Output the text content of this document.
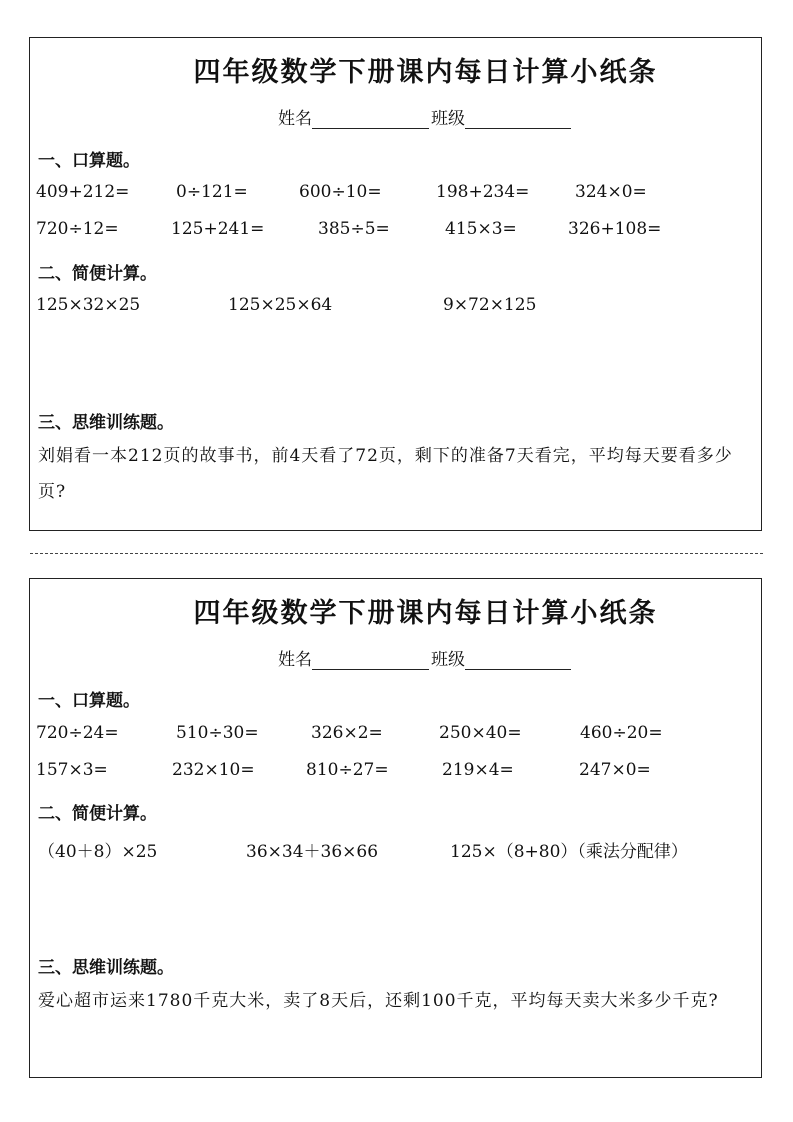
四年级数学下册课内每日计算小纸条
姓名	班级
一、口算题。
409+212=	0÷121=	600÷10=	198+234=	324×0=
720÷12=	125+241=	385÷5=	415×3=	326+108=
二、简便计算。
125×32×25	125×25×64	9×72×125
三、思维训练题。
刘娟看一本212页的故事书，前4天看了72页，剩下的准备7天看完，平均每天要看多少页?
四年级数学下册课内每日计算小纸条
姓名	班级
一、口算题。
720÷24=	510÷30=	326×2=	250×40=	460÷20=
157×3=	232×10=	810÷27=	219×4=	247×0=
二、简便计算。
（40＋8）×25	36×34＋36×66	125×（8+80）（乘法分配律）
三、思维训练题。
爱心超市运来1780千克大米，卖了8天后，还剩100千克，平均每天卖大米多少千克?
